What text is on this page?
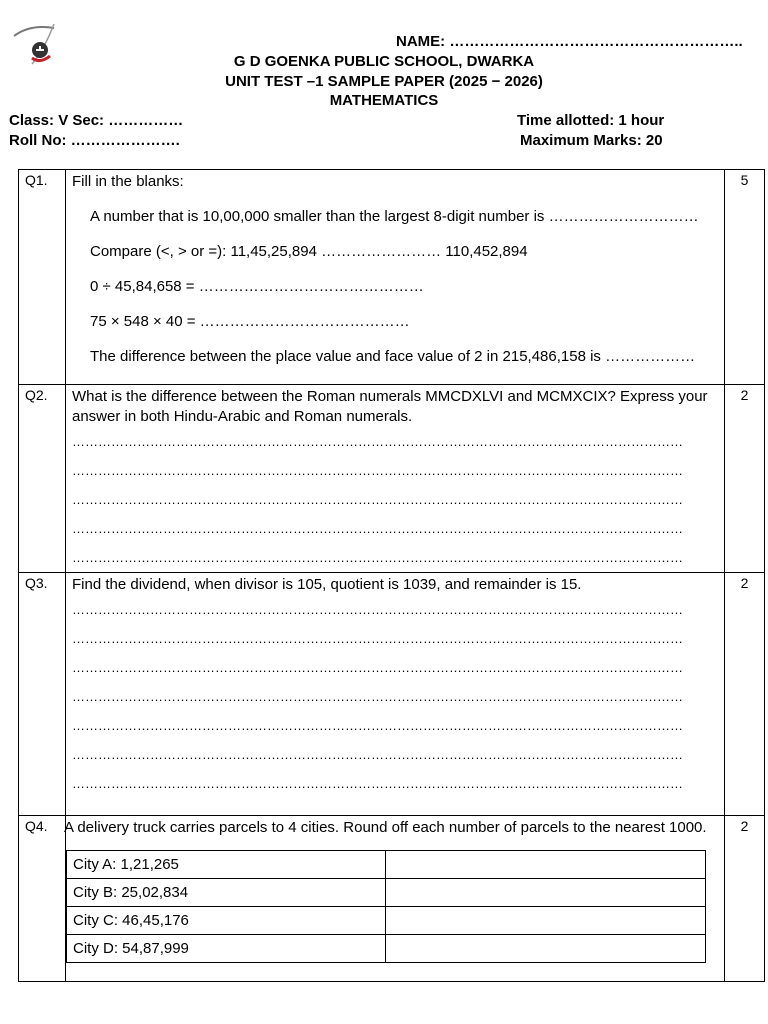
NAME: …………………………………………………..
G D GOENKA PUBLIC SCHOOL, DWARKA
UNIT TEST –1 SAMPLE PAPER (2025 − 2026)
MATHEMATICS
Class: V Sec: ……………
Roll No: ………………….
Time allotted: 1 hour
Maximum Marks: 20
Q1.	Fill in the blanks:
A number that is 10,00,000 smaller than the largest 8-digit number is …………………………
Compare (<, > or =): 11,45,25,894 …………………… 110,452,894
0 ÷ 45,84,658 = ………………………………………
75 × 548 × 40 = ……………………………………
The difference between the place value and face value of 2 in 215,486,158 is ………………
	5
Q2.	What is the difference between the Roman numerals MMCDXLVI and MCMXCIX? Express your answer in both Hindu-Arabic and Roman numerals.
……………………………………………………………………………………………………………………………
……………………………………………………………………………………………………………………………
……………………………………………………………………………………………………………………………
……………………………………………………………………………………………………………………………
……………………………………………………………………………………………………………………………
	2
Q3.	Find the dividend, when divisor is 105, quotient is 1039, and remainder is 15.
……………………………………………………………………………………………………………………………
……………………………………………………………………………………………………………………………
……………………………………………………………………………………………………………………………
……………………………………………………………………………………………………………………………
……………………………………………………………………………………………………………………………
……………………………………………………………………………………………………………………………
……………………………………………………………………………………………………………………………
	2
Q4.	A delivery truck carries parcels to 4 cities. Round off each number of parcels to the nearest 1000.
City A: 1,21,265	
City B: 25,02,834	
City C: 46,45,176	
City D: 54,87,999	
	2
